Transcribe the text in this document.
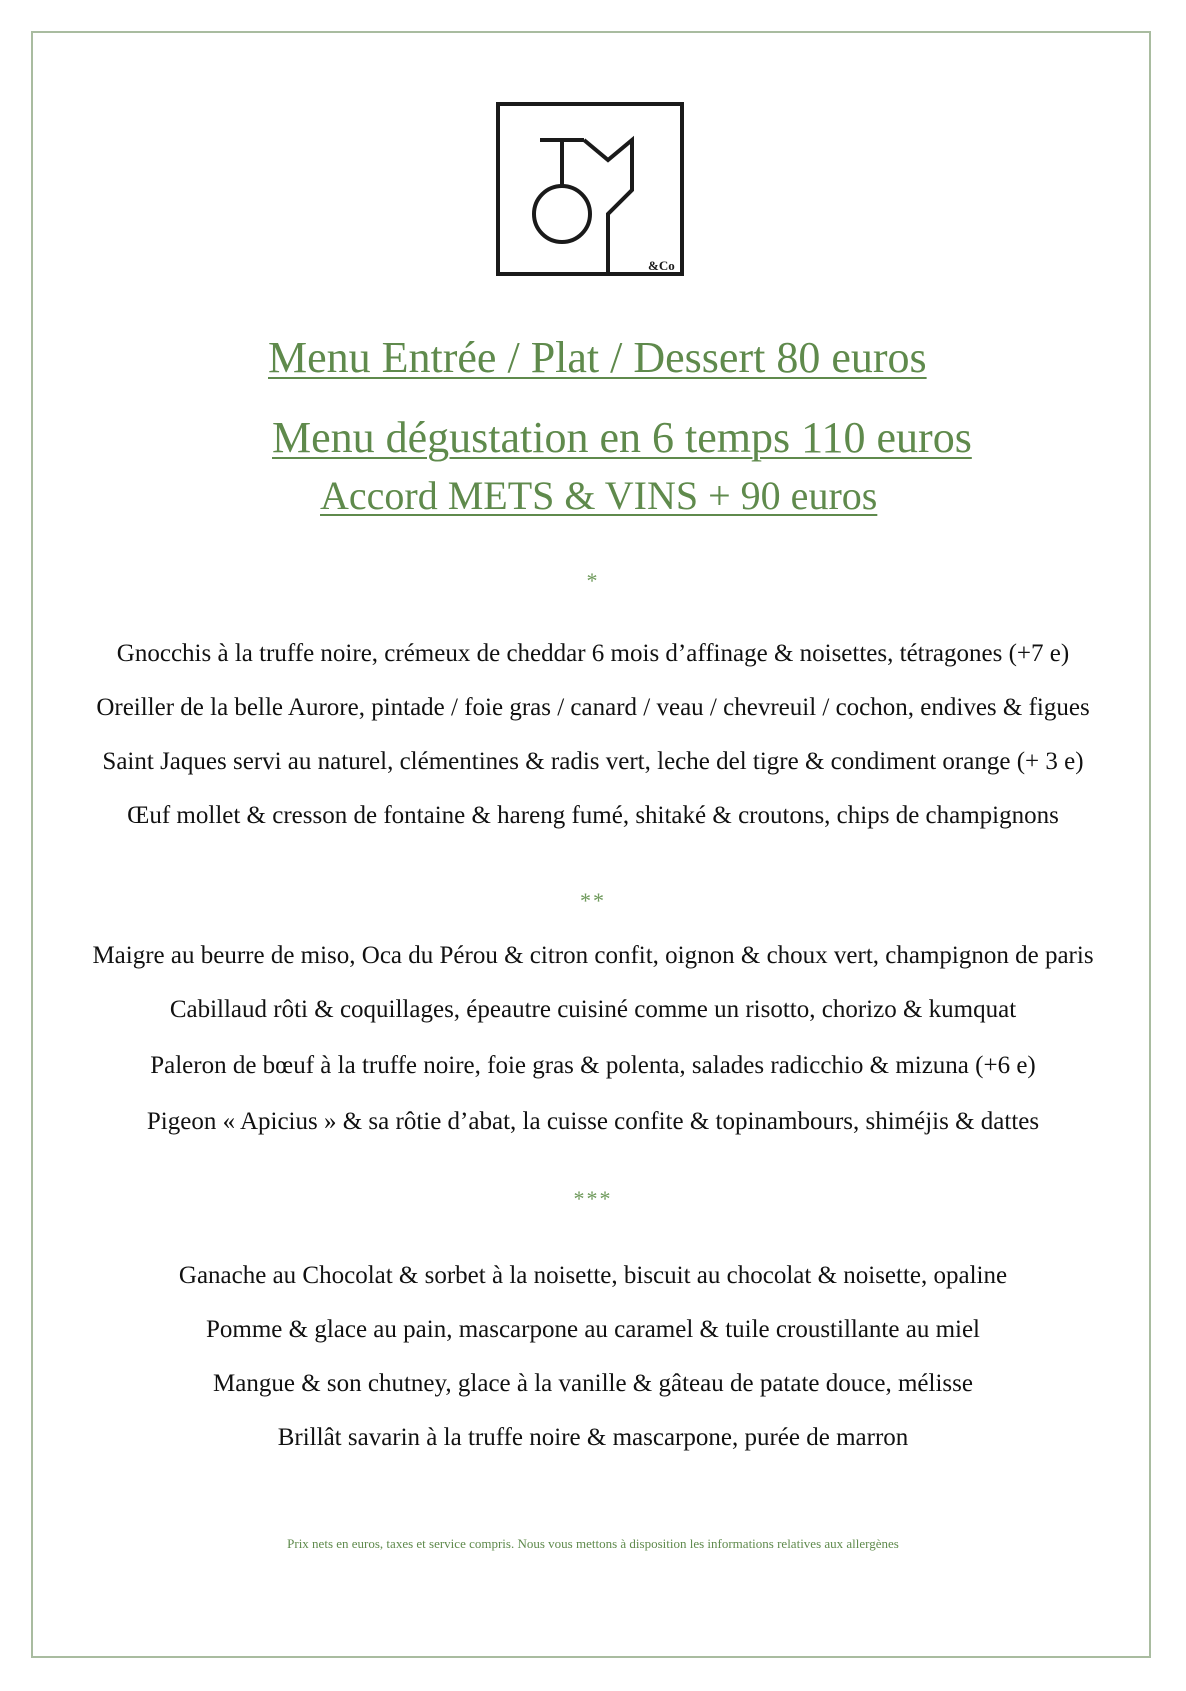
&Co
Menu Entrée / Plat / Dessert 80 euros
Menu dégustation en 6 temps 110 euros
Accord METS & VINS + 90 euros
*
Gnocchis à la truffe noire, crémeux de cheddar 6 mois d’affinage & noisettes, tétragones (+7 e)
Oreiller de la belle Aurore, pintade / foie gras / canard / veau / chevreuil / cochon, endives & figues
Saint Jaques servi au naturel, clémentines & radis vert, leche del tigre & condiment orange (+ 3 e)
Œuf mollet & cresson de fontaine & hareng fumé, shitaké & croutons, chips de champignons
**
Maigre au beurre de miso, Oca du Pérou & citron confit, oignon & choux vert, champignon de paris
Cabillaud rôti & coquillages, épeautre cuisiné comme un risotto, chorizo & kumquat
Paleron de bœuf à la truffe noire, foie gras & polenta, salades radicchio & mizuna (+6 e)
Pigeon « Apicius » & sa rôtie d’abat, la cuisse confite & topinambours, shiméjis & dattes
***
Ganache au Chocolat & sorbet à la noisette, biscuit au chocolat & noisette, opaline
Pomme & glace au pain, mascarpone au caramel & tuile croustillante au miel
Mangue & son chutney, glace à la vanille & gâteau de patate douce, mélisse
Brillât savarin à la truffe noire & mascarpone, purée de marron
Prix nets en euros, taxes et service compris. Nous vous mettons à disposition les informations relatives aux allergènes
